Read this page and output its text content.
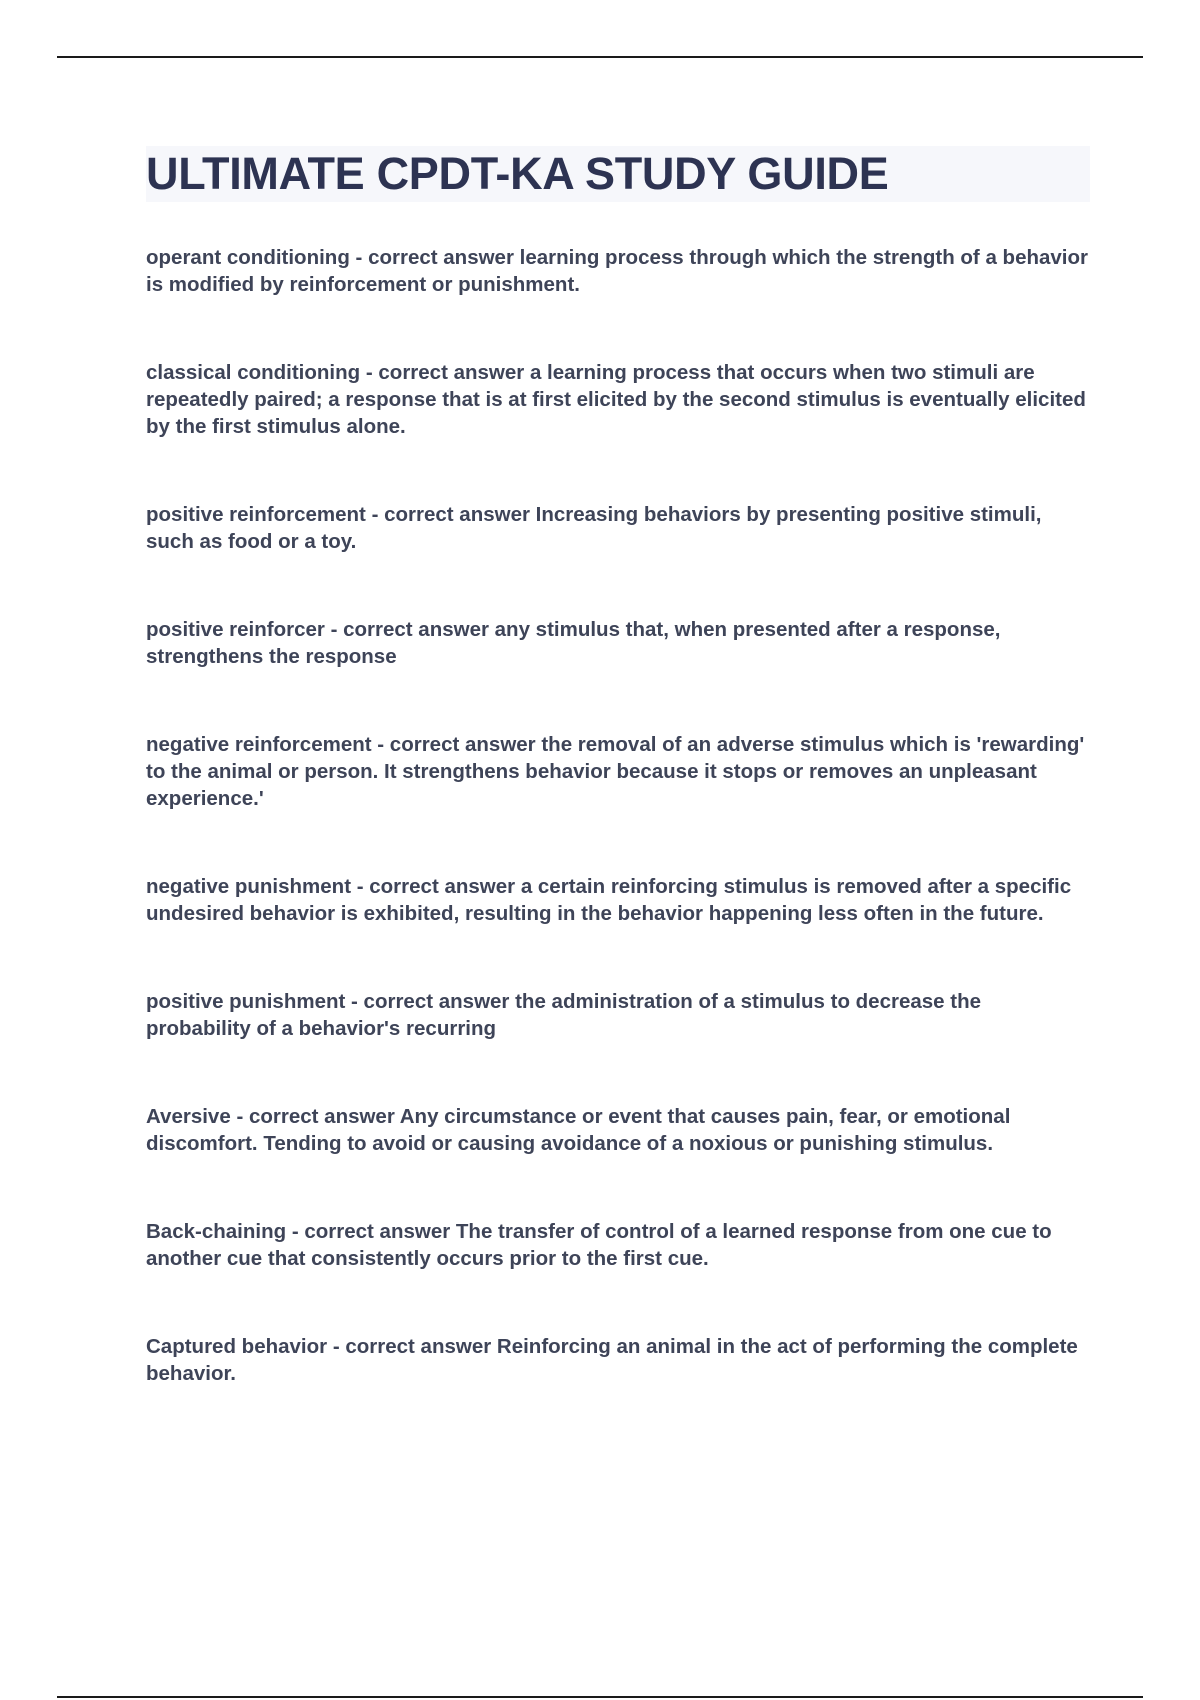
ULTIMATE CPDT-KA STUDY GUIDE

operant conditioning - correct answer learning process through which the strength of a behavior is modified by reinforcement or punishment.

classical conditioning - correct answer a learning process that occurs when two stimuli are repeatedly paired; a response that is at first elicited by the second stimulus is eventually elicited by the first stimulus alone.

positive reinforcement - correct answer Increasing behaviors by presenting positive stimuli, such as food or a toy.

positive reinforcer - correct answer any stimulus that, when presented after a response, strengthens the response

negative reinforcement - correct answer the removal of an adverse stimulus which is 'rewarding' to the animal or person. It strengthens behavior because it stops or removes an unpleasant experience.'

negative punishment - correct answer a certain reinforcing stimulus is removed after a specific undesired behavior is exhibited, resulting in the behavior happening less often in the future.

positive punishment - correct answer the administration of a stimulus to decrease the probability of a behavior's recurring

Aversive - correct answer Any circumstance or event that causes pain, fear, or emotional discomfort. Tending to avoid or causing avoidance of a noxious or punishing stimulus.

Back-chaining - correct answer The transfer of control of a learned response from one cue to another cue that consistently occurs prior to the first cue.

Captured behavior - correct answer Reinforcing an animal in the act of performing the complete behavior.
